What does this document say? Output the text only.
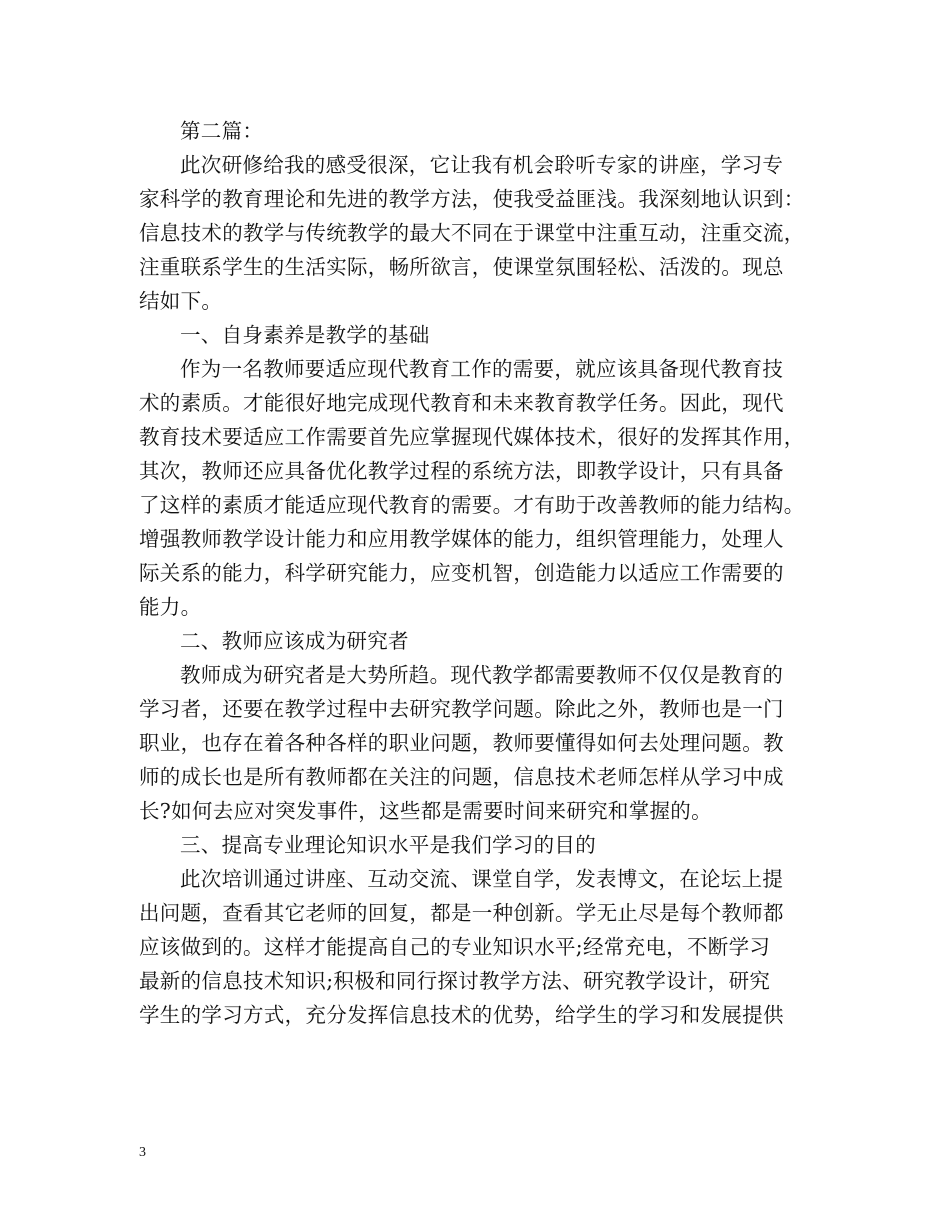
第二篇：
此次研修给我的感受很深，它让我有机会聆听专家的讲座，学习专
家科学的教育理论和先进的教学方法，使我受益匪浅。我深刻地认识到：
信息技术的教学与传统教学的最大不同在于课堂中注重互动，注重交流，
注重联系学生的生活实际，畅所欲言，使课堂氛围轻松、活泼的。现总
结如下。
一、自身素养是教学的基础
作为一名教师要适应现代教育工作的需要，就应该具备现代教育技
术的素质。才能很好地完成现代教育和未来教育教学任务。因此，现代
教育技术要适应工作需要首先应掌握现代媒体技术，很好的发挥其作用，
其次，教师还应具备优化教学过程的系统方法，即教学设计，只有具备
了这样的素质才能适应现代教育的需要。才有助于改善教师的能力结构。
增强教师教学设计能力和应用教学媒体的能力，组织管理能力，处理人
际关系的能力，科学研究能力，应变机智，创造能力以适应工作需要的
能力。
二、教师应该成为研究者
教师成为研究者是大势所趋。现代教学都需要教师不仅仅是教育的
学习者，还要在教学过程中去研究教学问题。除此之外，教师也是一门
职业，也存在着各种各样的职业问题，教师要懂得如何去处理问题。教
师的成长也是所有教师都在关注的问题，信息技术老师怎样从学习中成
长?如何去应对突发事件，这些都是需要时间来研究和掌握的。
三、提高专业理论知识水平是我们学习的目的
此次培训通过讲座、互动交流、课堂自学，发表博文，在论坛上提
出问题，查看其它老师的回复，都是一种创新。学无止尽是每个教师都
应该做到的。这样才能提高自己的专业知识水平;经常充电，不断学习
最新的信息技术知识;积极和同行探讨教学方法、研究教学设计，研究
学生的学习方式，充分发挥信息技术的优势，给学生的学习和发展提供
3
